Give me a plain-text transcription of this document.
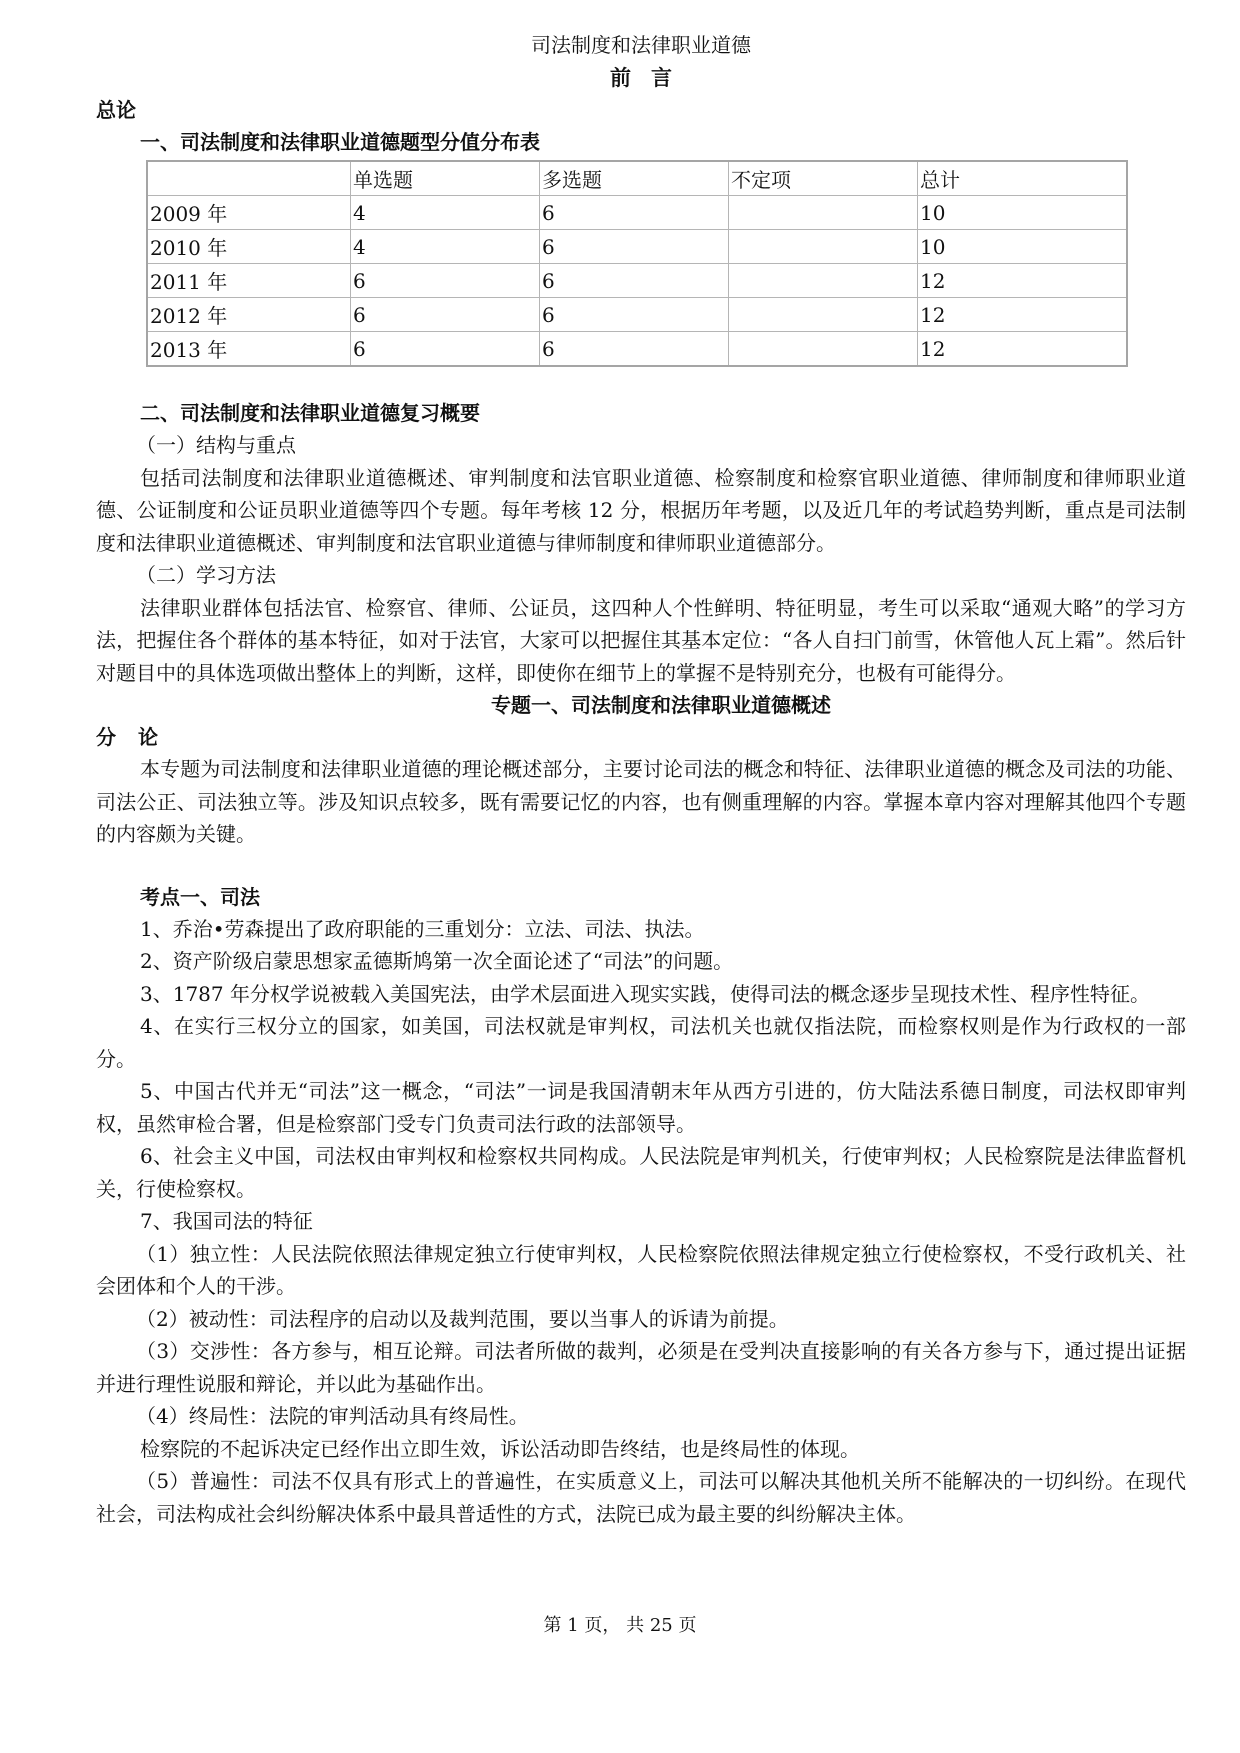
司法制度和法律职业道德
前言
总论
一、司法制度和法律职业道德题型分值分布表
	单选题	多选题	不定项	总计
2009 年	4	6		10
2010 年	4	6		10
2011 年	6	6		12
2012 年	6	6		12
2013 年	6	6		12
二、司法制度和法律职业道德复习概要

（一）结构与重点

包括司法制度和法律职业道德概述、审判制度和法官职业道德、检察制度和检察官职业道德、律师制度和律师职业道德、公证制度和公证员职业道德等四个专题。每年考核 12 分，根据历年考题，以及近几年的考试趋势判断，重点是司法制度和法律职业道德概述、审判制度和法官职业道德与律师制度和律师职业道德部分。

（二）学习方法

法律职业群体包括法官、检察官、律师、公证员，这四种人个性鲜明、特征明显，考生可以采取“通观大略”的学习方法，把握住各个群体的基本特征，如对于法官，大家可以把握住其基本定位：“各人自扫门前雪，休管他人瓦上霜”。然后针对题目中的具体选项做出整体上的判断，这样，即使你在细节上的掌握不是特别充分，也极有可能得分。

专题一、司法制度和法律职业道德概述
分论

本专题为司法制度和法律职业道德的理论概述部分，主要讨论司法的概念和特征、法律职业道德的概念及司法的功能、司法公正、司法独立等。涉及知识点较多，既有需要记忆的内容，也有侧重理解的内容。掌握本章内容对理解其他四个专题的内容颇为关键。

考点一、司法

1、乔治•劳森提出了政府职能的三重划分：立法、司法、执法。

2、资产阶级启蒙思想家孟德斯鸠第一次全面论述了“司法”的问题。

3、1787 年分权学说被载入美国宪法，由学术层面进入现实实践，使得司法的概念逐步呈现技术性、程序性特征。

4、在实行三权分立的国家，如美国，司法权就是审判权，司法机关也就仅指法院，而检察权则是作为行政权的一部分。

5、中国古代并无“司法”这一概念，“司法”一词是我国清朝末年从西方引进的，仿大陆法系德日制度，司法权即审判权，虽然审检合署，但是检察部门受专门负责司法行政的法部领导。

6、社会主义中国，司法权由审判权和检察权共同构成。人民法院是审判机关，行使审判权；人民检察院是法律监督机关，行使检察权。

7、我国司法的特征

（1）独立性：人民法院依照法律规定独立行使审判权，人民检察院依照法律规定独立行使检察权，不受行政机关、社会团体和个人的干涉。

（2）被动性：司法程序的启动以及裁判范围，要以当事人的诉请为前提。

（3）交涉性：各方参与，相互论辩。司法者所做的裁判，必须是在受判决直接影响的有关各方参与下，通过提出证据并进行理性说服和辩论，并以此为基础作出。

（4）终局性：法院的审判活动具有终局性。

检察院的不起诉决定已经作出立即生效，诉讼活动即告终结，也是终局性的体现。

（5）普遍性：司法不仅具有形式上的普遍性，在实质意义上，司法可以解决其他机关所不能解决的一切纠纷。在现代社会，司法构成社会纠纷解决体系中最具普适性的方式，法院已成为最主要的纠纷解决主体。

第 1 页， 共 25 页
